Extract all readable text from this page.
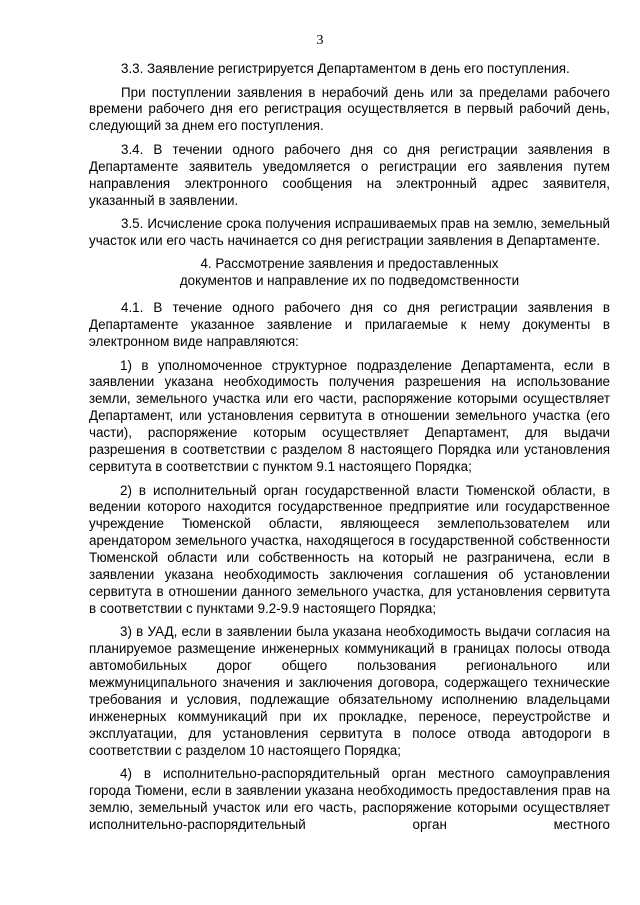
3

3.3. Заявление регистрируется Департаментом в день его поступления.

При поступлении заявления в нерабочий день или за пределами рабочего времени рабочего дня его регистрация осуществляется в первый рабочий день, следующий за днем его поступления.

3.4. В течении одного рабочего дня со дня регистрации заявления в Департаменте заявитель уведомляется о регистрации его заявления путем направления электронного сообщения на электронный адрес заявителя, указанный в заявлении.

3.5. Исчисление срока получения испрашиваемых прав на землю, земельный участок или его часть начинается со дня регистрации заявления в Департаменте.

4. Рассмотрение заявления и предоставленных
документов и направление их по подведомственности

4.1. В течение одного рабочего дня со дня регистрации заявления в Департаменте указанное заявление и прилагаемые к нему документы в электронном виде направляются:

1) в уполномоченное структурное подразделение Департамента, если в заявлении указана необходимость получения разрешения на использование земли, земельного участка или его части, распоряжение которыми осуществляет Департамент, или установления сервитута в отношении земельного участка (его части), распоряжение которым осуществляет Департамент, для выдачи разрешения в соответствии с разделом 8 настоящего Порядка или установления сервитута в соответствии с пунктом 9.1 настоящего Порядка;

2) в исполнительный орган государственной власти Тюменской области, в ведении которого находится государственное предприятие или государственное учреждение Тюменской области, являющееся землепользователем или арендатором земельного участка, находящегося в государственной собственности Тюменской области или собственность на который не разграничена, если в заявлении указана необходимость заключения соглашения об установлении сервитута в отношении данного земельного участка, для установления сервитута в соответствии с пунктами 9.2-9.9 настоящего Порядка;

3) в УАД, если в заявлении была указана необходимость выдачи согласия на планируемое размещение инженерных коммуникаций в границах полосы отвода автомобильных дорог общего пользования регионального или межмуниципального значения и заключения договора, содержащего технические требования и условия, подлежащие обязательному исполнению владельцами инженерных коммуникаций при их прокладке, переносе, переустройстве и эксплуатации, для установления сервитута в полосе отвода автодороги в соответствии с разделом 10 настоящего Порядка;

4) в исполнительно-распорядительный орган местного самоуправления города Тюмени, если в заявлении указана необходимость предоставления прав на землю, земельный участок или его часть, распоряжение которыми осуществляет исполнительно-распорядительный орган местного
